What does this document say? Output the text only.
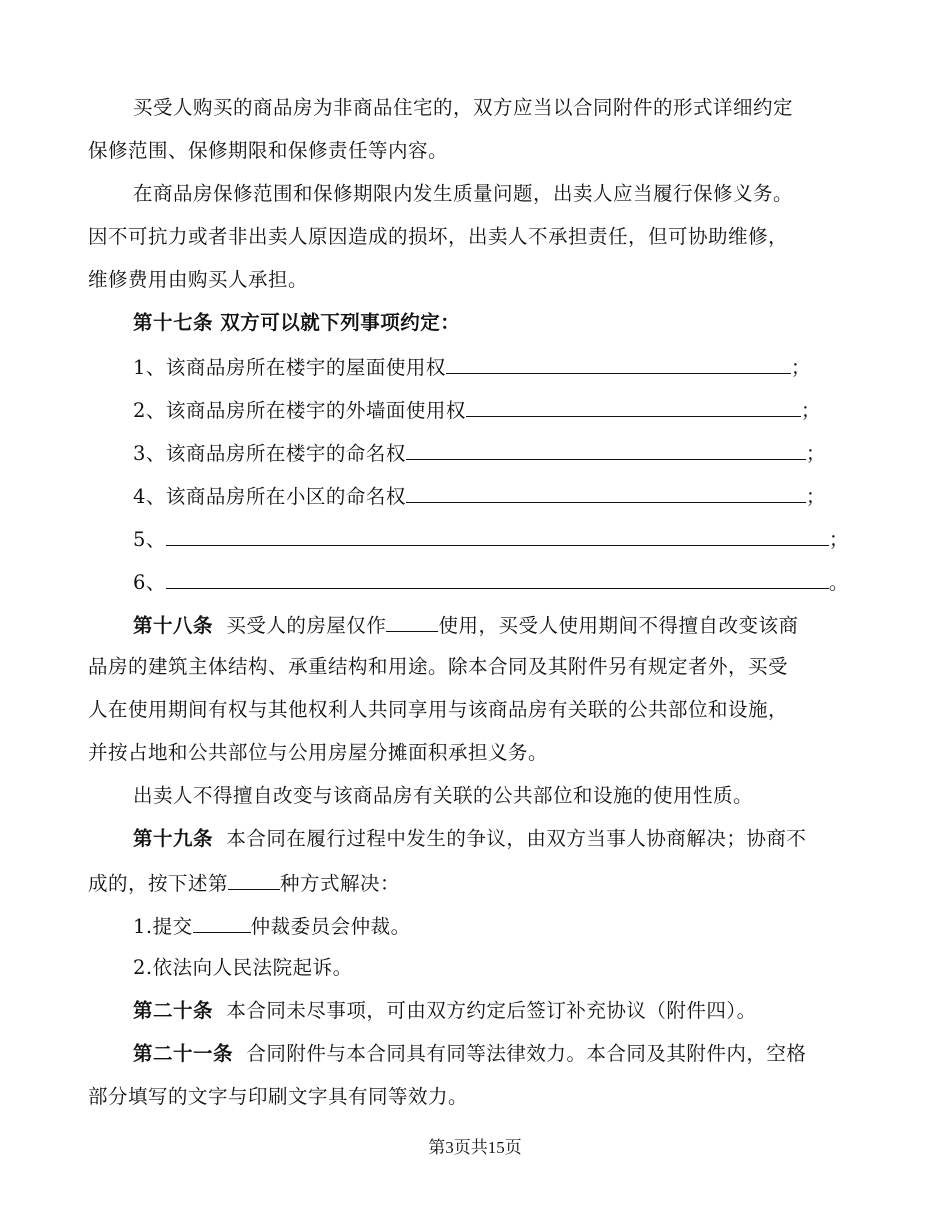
买受人购买的商品房为非商品住宅的，双方应当以合同附件的形式详细约定
保修范围、保修期限和保修责任等内容。
在商品房保修范围和保修期限内发生质量问题，出卖人应当履行保修义务。
因不可抗力或者非出卖人原因造成的损坏，出卖人不承担责任，但可协助维修，
维修费用由购买人承担。
第十七条 双方可以就下列事项约定：
1、该商品房所在楼宇的屋面使用权	；
2、该商品房所在楼宇的外墙面使用权	；
3、该商品房所在楼宇的命名权	；
4、该商品房所在小区的命名权	；
5、	；
6、	。
第十八条 买受人的房屋仅作	使用，买受人使用期间不得擅自改变该商
品房的建筑主体结构、承重结构和用途。除本合同及其附件另有规定者外，买受
人在使用期间有权与其他权利人共同享用与该商品房有关联的公共部位和设施，
并按占地和公共部位与公用房屋分摊面积承担义务。
出卖人不得擅自改变与该商品房有关联的公共部位和设施的使用性质。
第十九条 本合同在履行过程中发生的争议，由双方当事人协商解决；协商不
成的，按下述第	种方式解决：
1.提交	仲裁委员会仲裁。
2.依法向人民法院起诉。
第二十条 本合同未尽事项，可由双方约定后签订补充协议（附件四）。
第二十一条 合同附件与本合同具有同等法律效力。本合同及其附件内，空格
部分填写的文字与印刷文字具有同等效力。
第3页共15页
